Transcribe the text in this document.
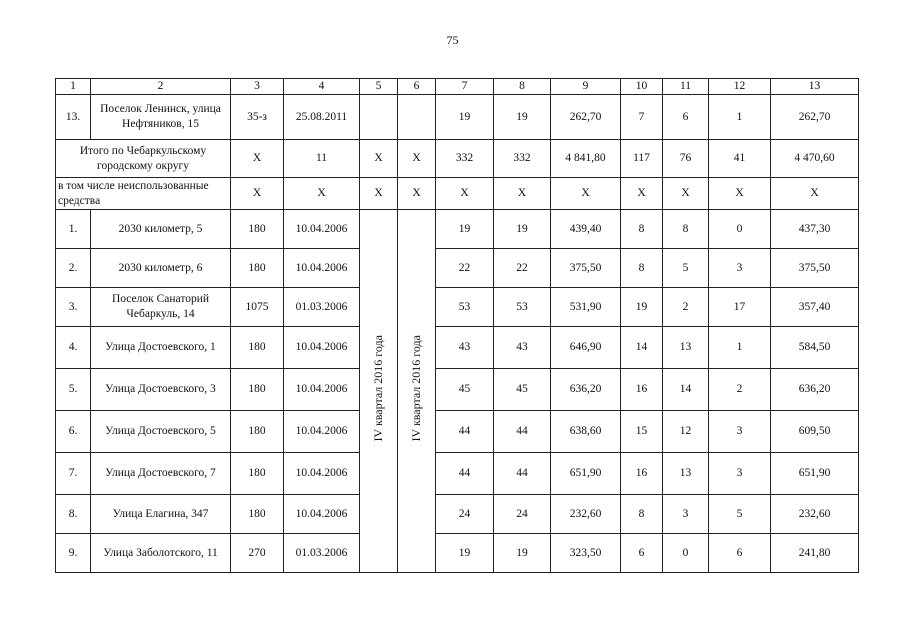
75
1	2	3	4	5	6	7	8	9	10	11	12	13
13.	Поселок Ленинск, улица Нефтяников, 15	35-з	25.08.2011			19	19	262,70	7	6	1	262,70
Итого по Чебаркульскому городскому округу		X	11	X	X	332	332	4 841,80	117	76	41	4 470,60
в том числе неиспользованные средства		X	X	X	X	X	X	X	X	X	X	X
1.	2030 километр, 5	180	10.04.2006	IV квартал 2016 года	IV квартал 2016 года	19	19	439,40	8	8	0	437,30
2.	2030 километр, 6	180	10.04.2006			22	22	375,50	8	5	3	375,50
3.	Поселок Санаторий Чебаркуль, 14	1075	01.03.2006			53	53	531,90	19	2	17	357,40
4.	Улица Достоевского, 1	180	10.04.2006			43	43	646,90	14	13	1	584,50
5.	Улица Достоевского, 3	180	10.04.2006			45	45	636,20	16	14	2	636,20
6.	Улица Достоевского, 5	180	10.04.2006			44	44	638,60	15	12	3	609,50
7.	Улица Достоевского, 7	180	10.04.2006			44	44	651,90	16	13	3	651,90
8.	Улица Елагина, 347	180	10.04.2006			24	24	232,60	8	3	5	232,60
9.	Улица Заболотского, 11	270	01.03.2006			19	19	323,50	6	0	6	241,80
